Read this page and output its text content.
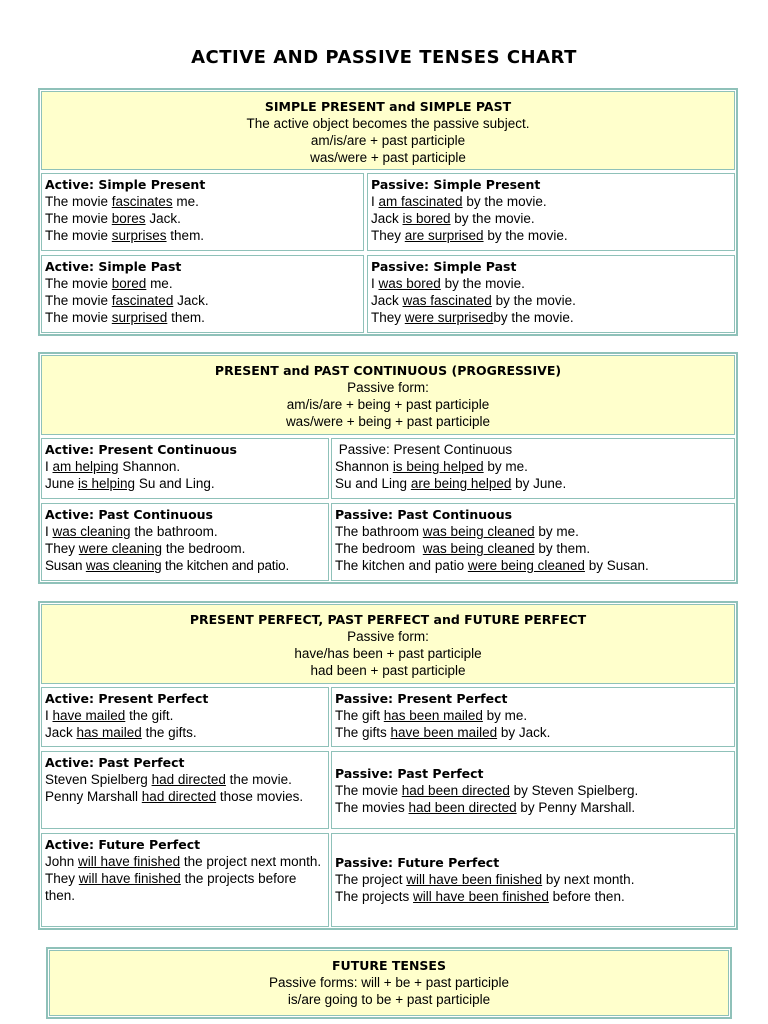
ACTIVE AND PASSIVE TENSES CHART
SIMPLE PRESENT and SIMPLE PAST
The active object becomes the passive subject.
am/is/are + past participle
was/were + past participle
Active: Simple Present
The movie fascinates me.
The movie bores Jack.
The movie surprises them.
Passive: Simple Present
I am fascinated by the movie.
Jack is bored by the movie.
They are surprised by the movie.
Active: Simple Past
The movie bored me.
The movie fascinated Jack.
The movie surprised them.
Passive: Simple Past
I was bored by the movie.
Jack was fascinated by the movie.
They were surprisedby the movie.
PRESENT and PAST CONTINUOUS (PROGRESSIVE)
Passive form:
am/is/are + being + past participle
was/were + being + past participle
Active: Present Continuous
I am helping Shannon.
June is helping Su and Ling.
Passive: Present Continuous
Shannon is being helped by me.
Su and Ling are being helped by June.
Active: Past Continuous
I was cleaning the bathroom.
They were cleaning the bedroom.
Susan was cleaning the kitchen and patio.
Passive: Past Continuous
The bathroom was being cleaned by me.
The bedroom  was being cleaned by them.
The kitchen and patio were being cleaned by Susan.
PRESENT PERFECT, PAST PERFECT and FUTURE PERFECT
Passive form:
have/has been + past participle
had been + past participle
Active: Present Perfect
I have mailed the gift.
Jack has mailed the gifts.
Passive: Present Perfect
The gift has been mailed by me.
The gifts have been mailed by Jack.
Active: Past Perfect
Steven Spielberg had directed the movie.
Penny Marshall had directed those movies.
Passive: Past Perfect
The movie had been directed by Steven Spielberg.
The movies had been directed by Penny Marshall.
Active: Future Perfect
John will have finished the project next month.
They will have finished the projects before then.
Passive: Future Perfect
The project will have been finished by next month.
The projects will have been finished before then.
FUTURE TENSES
Passive forms: will + be + past participle
is/are going to be + past participle
